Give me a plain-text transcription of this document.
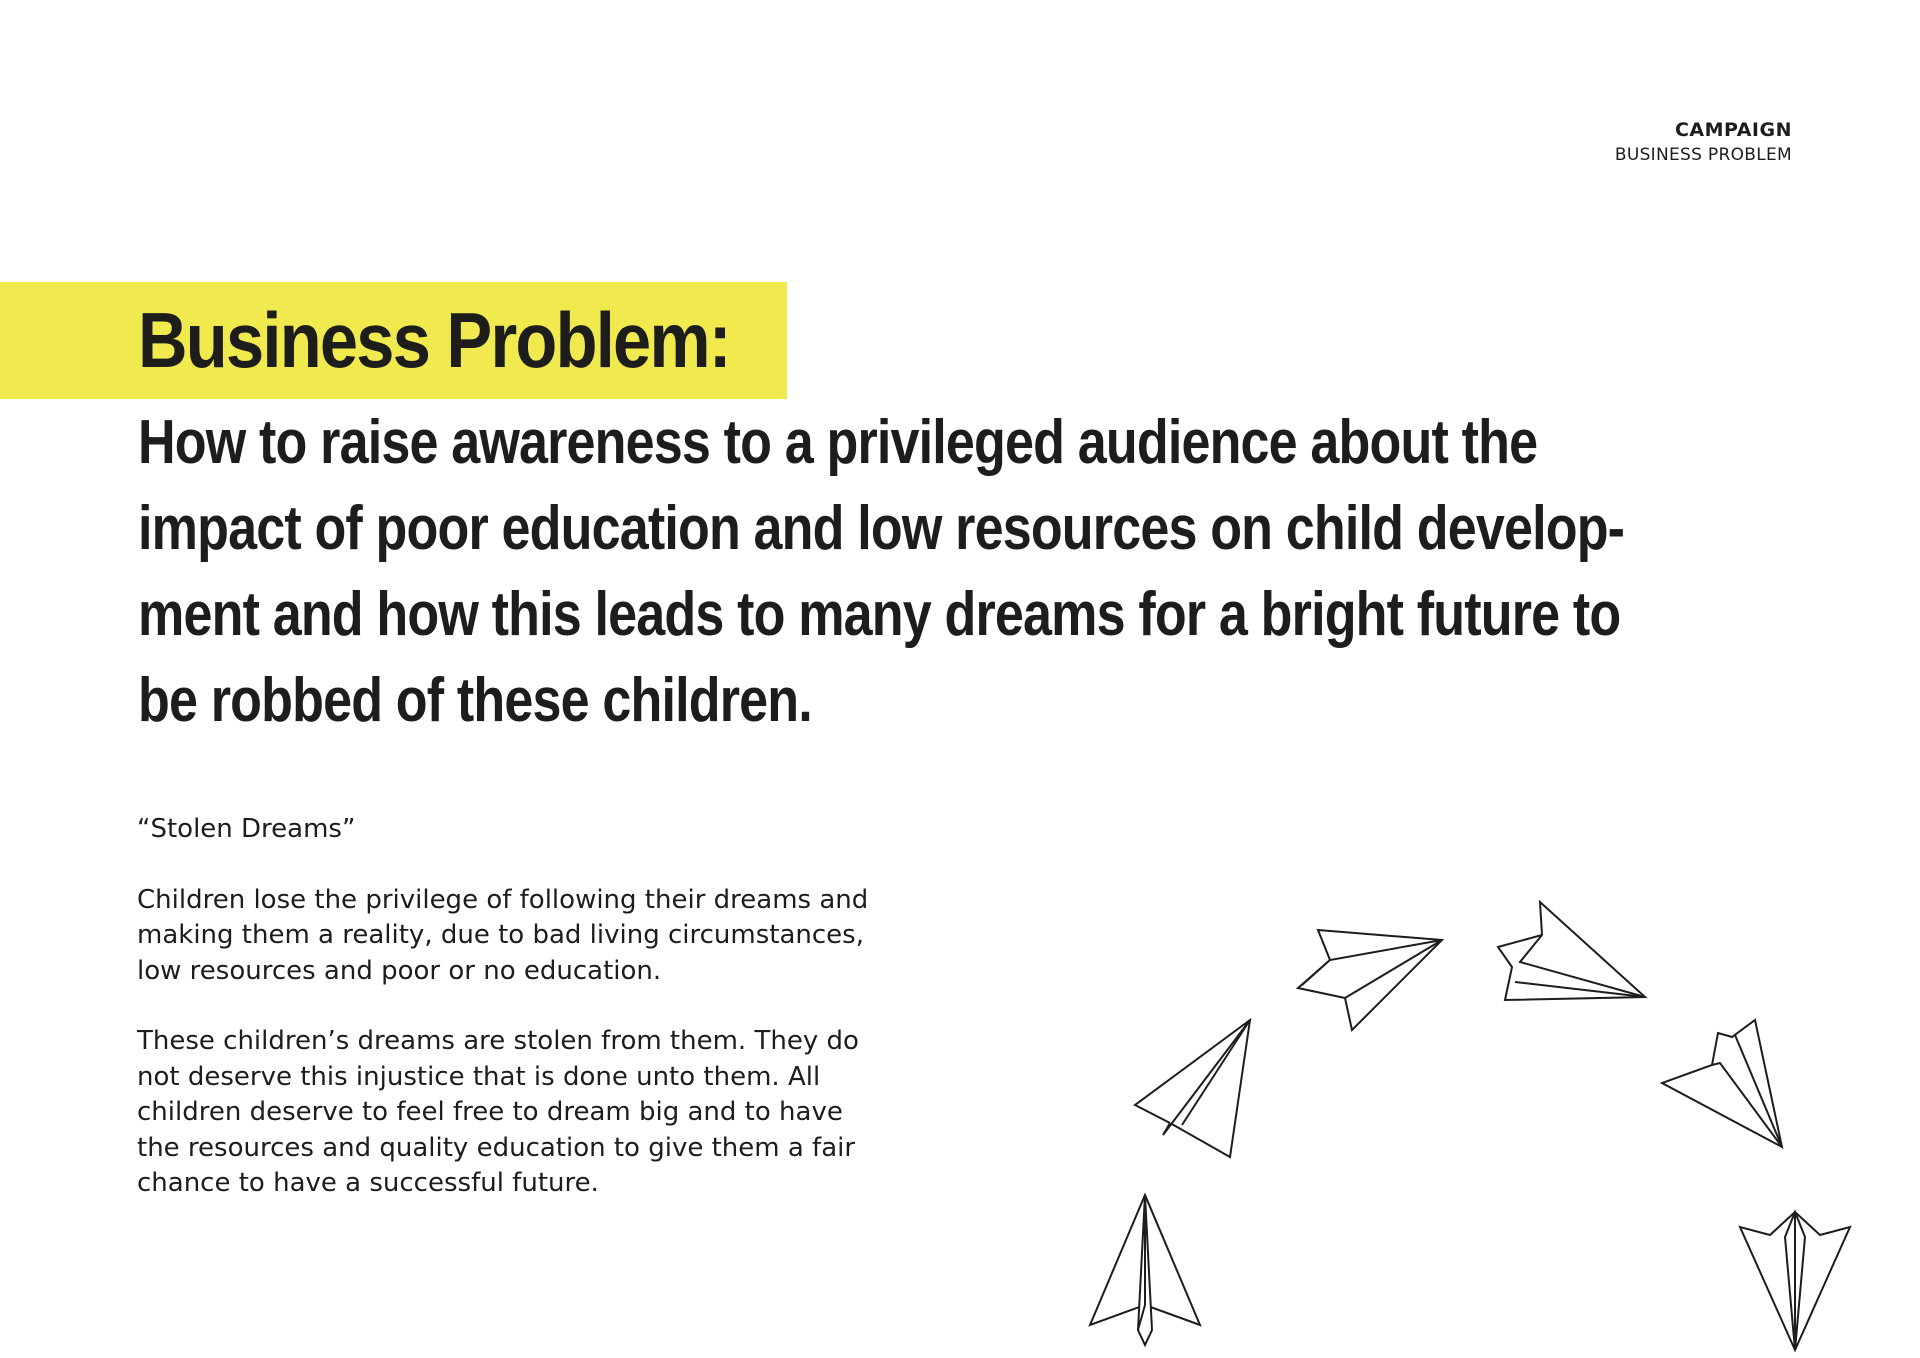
CAMPAIGN
BUSINESS PROBLEM
Business Problem:
How to raise awareness to a privileged audience about the
impact of poor education and low resources on child develop-
ment and how this leads to many dreams for a bright future to
be robbed of these children.

“Stolen Dreams”

Children lose the privilege of following their dreams and

making them a reality, due to bad living circumstances,

low resources and poor or no education.

These children’s dreams are stolen from them. They do

not deserve this injustice that is done unto them. All

children deserve to feel free to dream big and to have

the resources and quality education to give them a fair

chance to have a successful future.
